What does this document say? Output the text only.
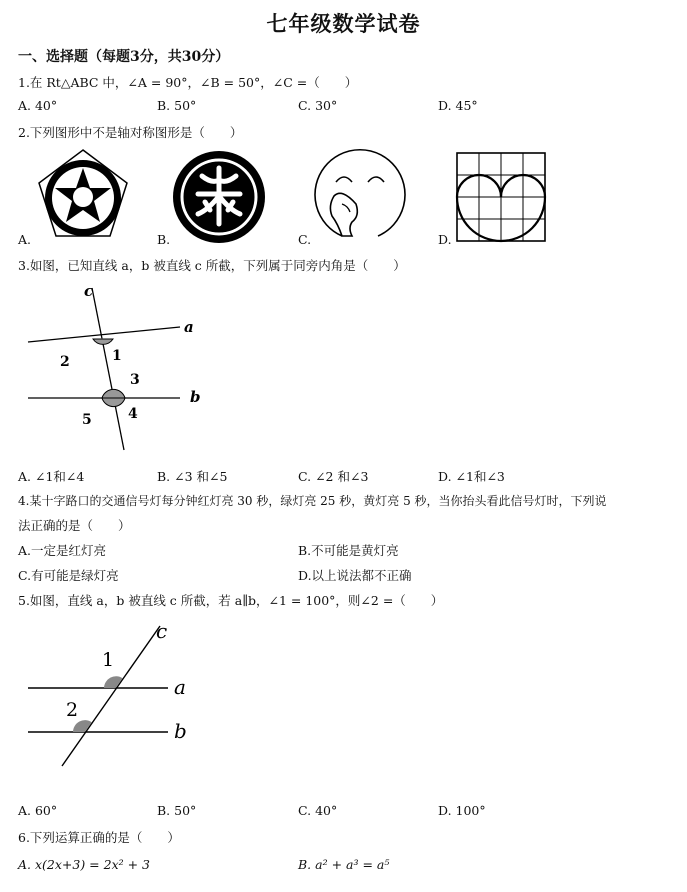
七年级数学试卷
一、选择题（每题3分，共30分）
1.在 Rt△ABC 中，∠A = 90°，∠B = 50°，∠C =（　　）
A. 40°	B. 50°	C. 30°	D. 45°
2.下列图形中不是轴对称图形是（　　）
A.	B.	C.	D.
3.如图，已知直线 a，b 被直线 c 所截，下列属于同旁内角是（　　）
c
a
b
1
2
3
4
5
A. ∠1和∠4	B. ∠3 和∠5	C. ∠2 和∠3	D. ∠1和∠3
4.某十字路口的交通信号灯每分钟红灯亮 30 秒，绿灯亮 25 秒，黄灯亮 5 秒，当你抬头看此信号灯时，下列说
法正确的是（　　）
A.一定是红灯亮	B.不可能是黄灯亮
C.有可能是绿灯亮	D.以上说法都不正确
5.如图，直线 a，b 被直线 c 所截，若 a∥b，∠1 = 100°，则∠2 =（　　）
c
a
b
1
2
A. 60°	B. 50°	C. 40°	D. 100°
6.下列运算正确的是（　　）
A. x(2x+3) = 2x² + 3	B. a² + a³ = a⁵
